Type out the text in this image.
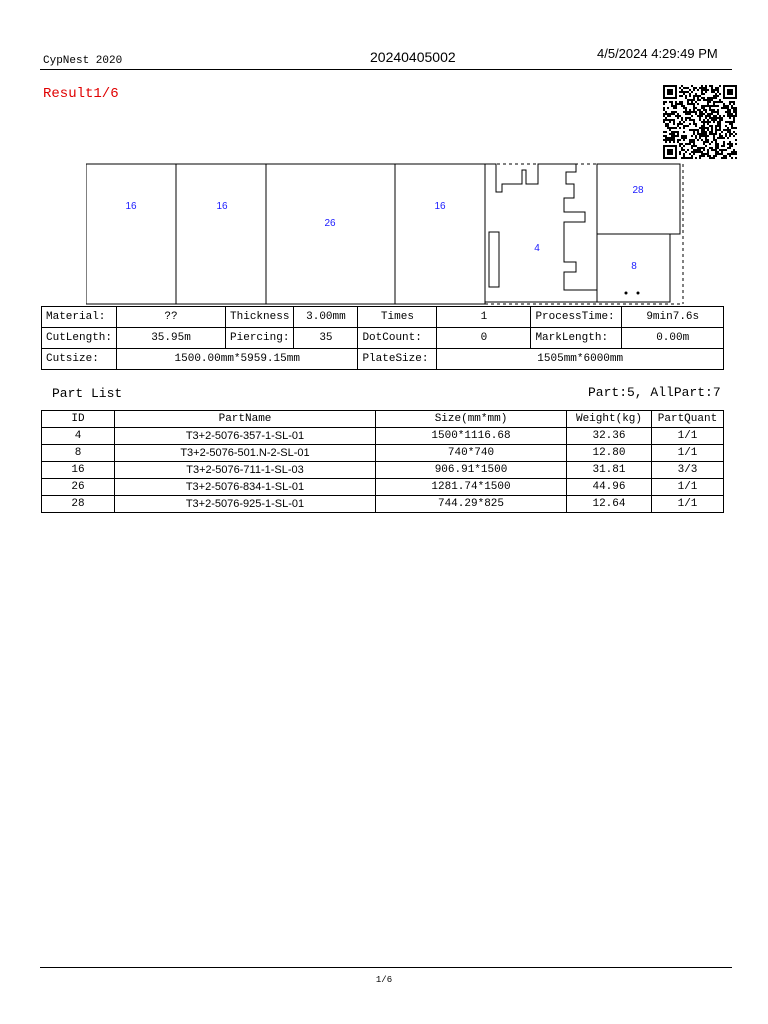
CypNest 2020	20240405002	4/5/2024 4:29:49 PM
Result1/6
16	16
26
16
4
28
8
Material:	??	Thickness	3.00mm	Times	1	ProcessTime:	9min7.6s
CutLength:	35.95m	Piercing:	35	DotCount:	0	MarkLength:	0.00m
Cutsize:	1500.00mm*5959.15mm			PlateSize:	1505mm*6000mm		
Part List	Part:5, AllPart:7
ID	PartName	Size(mm*mm)	Weight(kg)	PartQuant
4	T3+2-5076-357-1-SL-01	1500*1116.68	32.36	1/1
8	T3+2-5076-501.N-2-SL-01	740*740	12.80	1/1
16	T3+2-5076-711-1-SL-03	906.91*1500	31.81	3/3
26	T3+2-5076-834-1-SL-01	1281.74*1500	44.96	1/1
28	T3+2-5076-925-1-SL-01	744.29*825	12.64	1/1
1/6
